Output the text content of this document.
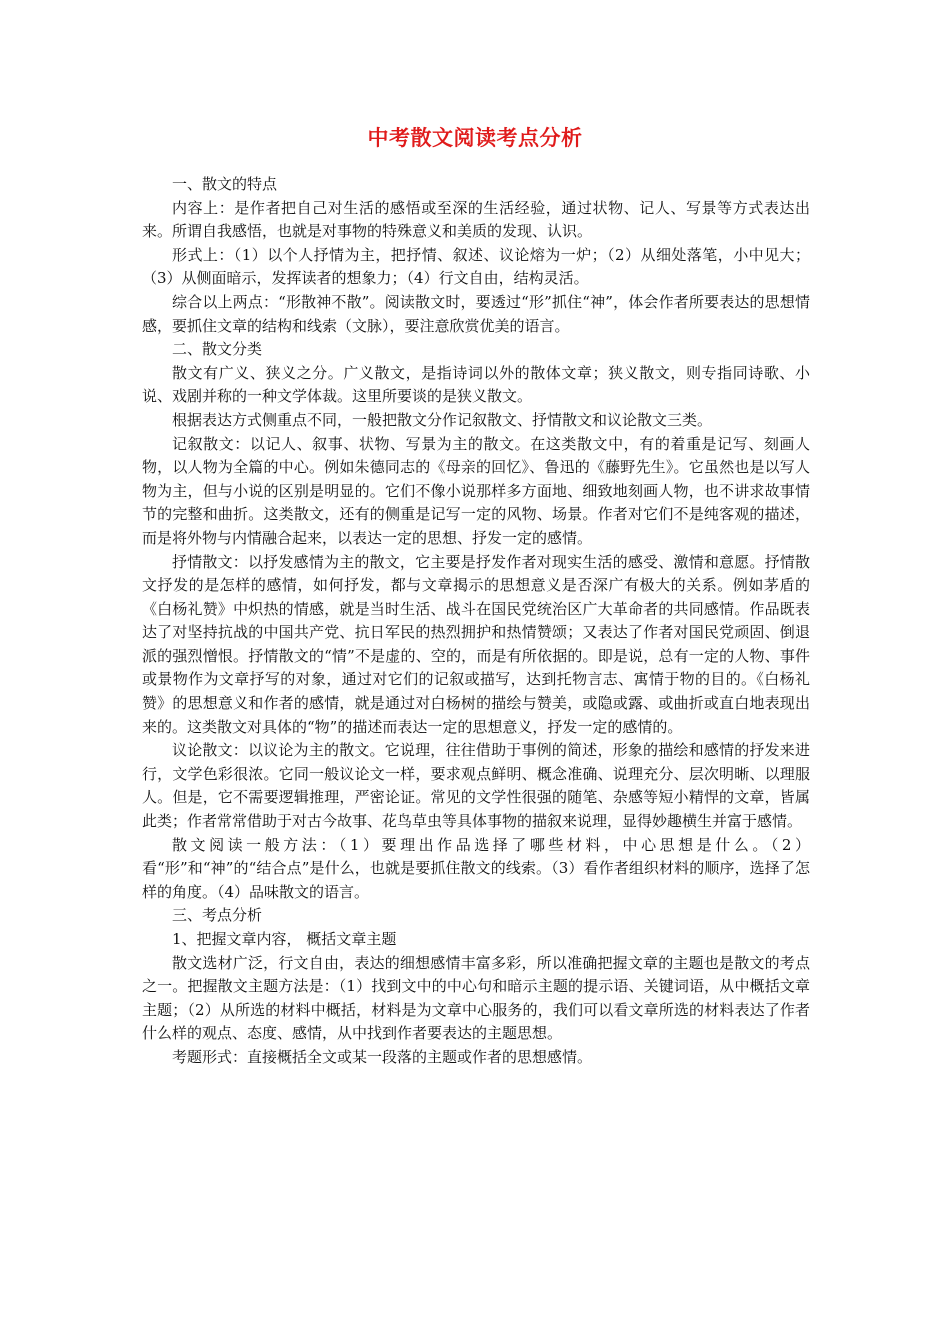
中考散文阅读考点分析

一、散文的特点

内容上：是作者把自己对生活的感悟或至深的生活经验，通过状物、记人、写景等方式表达出来。所谓自我感悟，也就是对事物的特殊意义和美质的发现、认识。

形式上：（1）以个人抒情为主，把抒情、叙述、议论熔为一炉；（2）从细处落笔，小中见大；（3）从侧面暗示，发挥读者的想象力；（4）行文自由，结构灵活。

综合以上两点：“形散神不散”。阅读散文时，要透过“形”抓住“神”，体会作者所要表达的思想情感，要抓住文章的结构和线索（文脉），要注意欣赏优美的语言。

二、散文分类

散文有广义、狭义之分。广义散文，是指诗词以外的散体文章；狭义散文，则专指同诗歌、小说、戏剧并称的一种文学体裁。这里所要谈的是狭义散文。

根据表达方式侧重点不同，一般把散文分作记叙散文、抒情散文和议论散文三类。

记叙散文：以记人、叙事、状物、写景为主的散文。在这类散文中，有的着重是记写、刻画人物，以人物为全篇的中心。例如朱德同志的《母亲的回忆》、鲁迅的《藤野先生》。它虽然也是以写人物为主，但与小说的区别是明显的。它们不像小说那样多方面地、细致地刻画人物，也不讲求故事情节的完整和曲折。这类散文，还有的侧重是记写一定的风物、场景。作者对它们不是纯客观的描述，而是将外物与内情融合起来，以表达一定的思想、抒发一定的感情。

抒情散文：以抒发感情为主的散文，它主要是抒发作者对现实生活的感受、激情和意愿。抒情散文抒发的是怎样的感情，如何抒发，都与文章揭示的思想意义是否深广有极大的关系。例如茅盾的《白杨礼赞》中炽热的情感，就是当时生活、战斗在国民党统治区广大革命者的共同感情。作品既表达了对坚持抗战的中国共产党、抗日军民的热烈拥护和热情赞颂；又表达了作者对国民党顽固、倒退派的强烈憎恨。抒情散文的“情”不是虚的、空的，而是有所依据的。即是说，总有一定的人物、事件或景物作为文章抒写的对象，通过对它们的记叙或描写，达到托物言志、寓情于物的目的。《白杨礼赞》的思想意义和作者的感情，就是通过对白杨树的描绘与赞美，或隐或露、或曲折或直白地表现出来的。这类散文对具体的“物”的描述而表达一定的思想意义，抒发一定的感情的。

议论散文：以议论为主的散文。它说理，往往借助于事例的简述，形象的描绘和感情的抒发来进行，文学色彩很浓。它同一般议论文一样，要求观点鲜明、概念准确、说理充分、层次明晰、以理服人。但是，它不需要逻辑推理，严密论证。常见的文学性很强的随笔、杂感等短小精悍的文章，皆属此类；作者常常借助于对古今故事、花鸟草虫等具体事物的描叙来说理，显得妙趣横生并富于感情。

散文阅读一般方法：（1）要理出作品选择了哪些材料，中心思想是什么。（2）看“形”和“神”的“结合点”是什么，也就是要抓住散文的线索。（3）看作者组织材料的顺序，选择了怎样的角度。（4）品味散文的语言。

三、考点分析

1、把握文章内容， 概括文章主题

散文选材广泛，行文自由，表达的细想感情丰富多彩，所以准确把握文章的主题也是散文的考点之一。把握散文主题方法是：（1）找到文中的中心句和暗示主题的提示语、关键词语，从中概括文章主题；（2）从所选的材料中概括，材料是为文章中心服务的，我们可以看文章所选的材料表达了作者什么样的观点、态度、感情，从中找到作者要表达的主题思想。

考题形式：直接概括全文或某一段落的主题或作者的思想感情。
